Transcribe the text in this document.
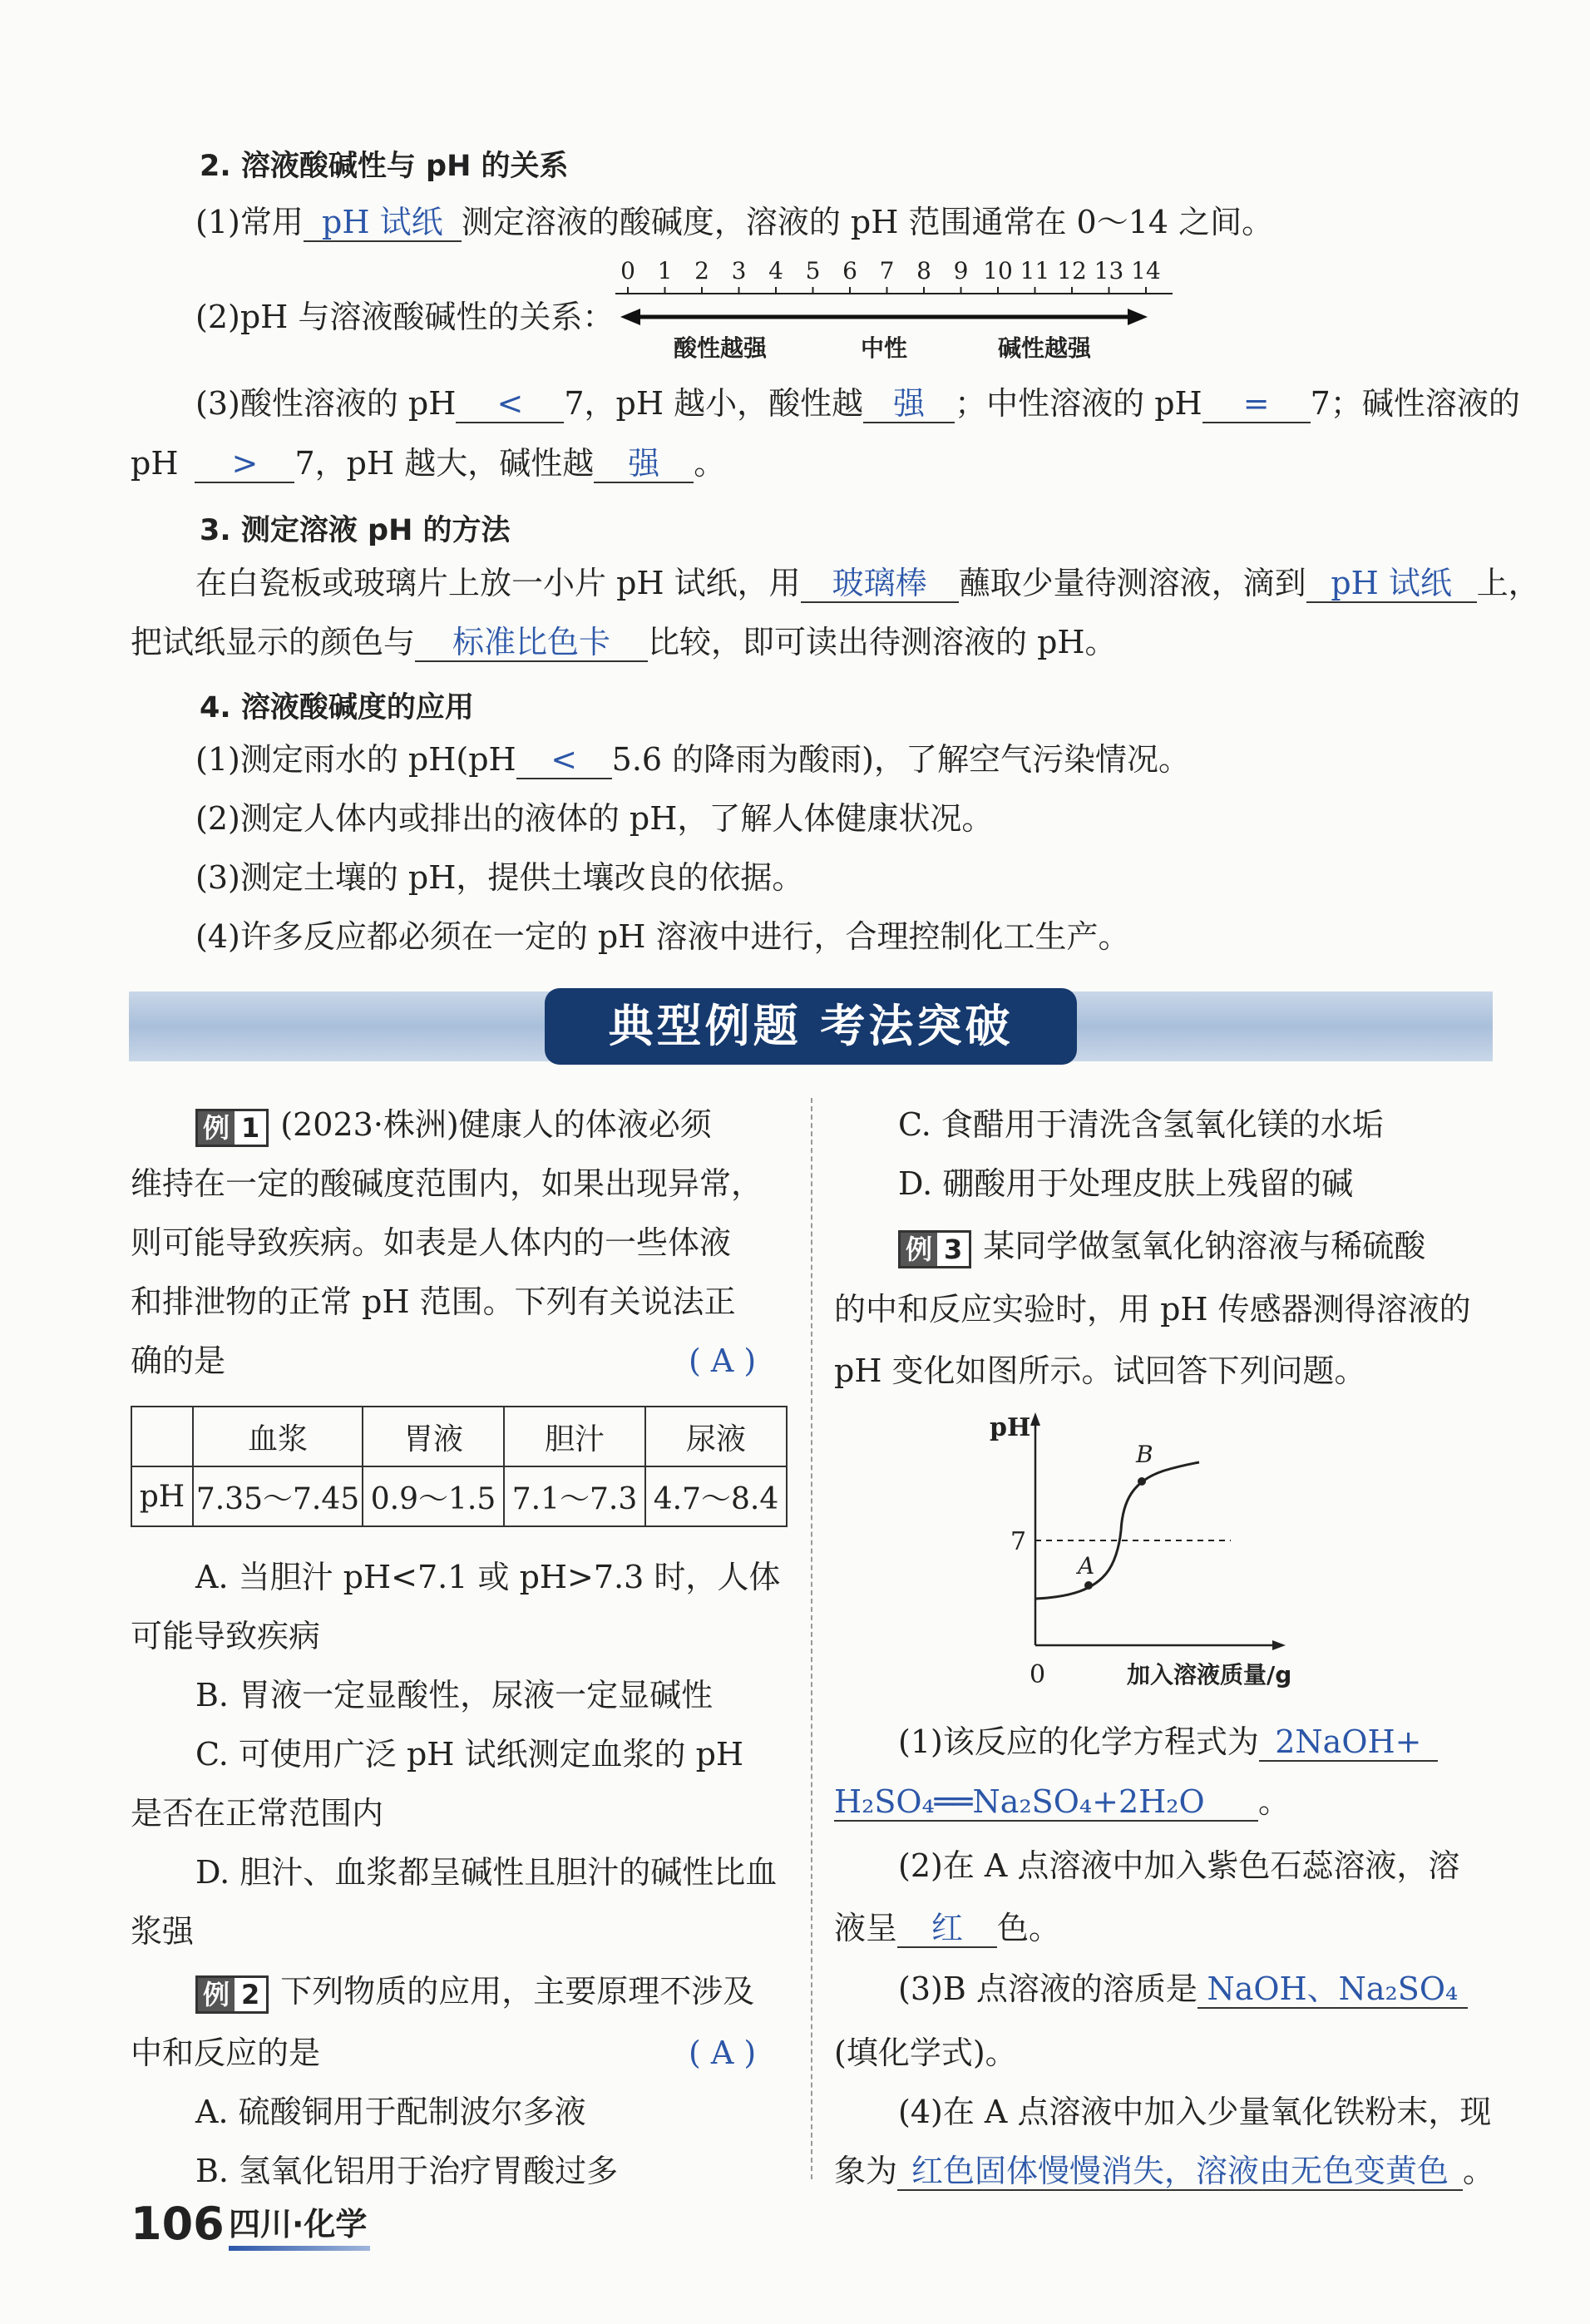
2. 溶液酸碱性与 pH 的关系
(1)常用 pH 试纸 测定溶液的酸碱度，溶液的 pH 范围通常在 0～14 之间。
(2)pH 与溶液酸碱性的关系：
0 1 2 3 4 5 6 7 8 9 10 11 12 13 14
酸性越强	中性	碱性越强
(3)酸性溶液的 pH < 7，pH 越小，酸性越 强 ；中性溶液的 pH = 7；碱性溶液的
pH > 7，pH 越大，碱性越 强 。
3. 测定溶液 pH 的方法
在白瓷板或玻璃片上放一小片 pH 试纸，用 玻璃棒 蘸取少量待测溶液，滴到 pH 试纸 上，
把试纸显示的颜色与 标准比色卡 比较，即可读出待测溶液的 pH。
4. 溶液酸碱度的应用
(1)测定雨水的 pH(pH < 5.6 的降雨为酸雨)，了解空气污染情况。
(2)测定人体内或排出的液体的 pH，了解人体健康状况。
(3)测定土壤的 pH，提供土壤改良的依据。
(4)许多反应都必须在一定的 pH 溶液中进行，合理控制化工生产。
典型例题 考法突破
例 1 (2023·株洲)健康人的体液必须
维持在一定的酸碱度范围内，如果出现异常，
则可能导致疾病。如表是人体内的一些体液
和排泄物的正常 pH 范围。下列有关说法正
确的是	( A )
	血浆	胃液	胆汁	尿液
pH	7.35～7.45	0.9～1.5	7.1～7.3	4.7～8.4
A. 当胆汁 pH<7.1 或 pH>7.3 时，人体
可能导致疾病
B. 胃液一定显酸性，尿液一定显碱性
C. 可使用广泛 pH 试纸测定血浆的 pH
是否在正常范围内
D. 胆汁、血浆都呈碱性且胆汁的碱性比血
浆强
例 2 下列物质的应用，主要原理不涉及
中和反应的是	( A )
A. 硫酸铜用于配制波尔多液
B. 氢氧化铝用于治疗胃酸过多
C. 食醋用于清洗含氢氧化镁的水垢
D. 硼酸用于处理皮肤上残留的碱
例 3 某同学做氢氧化钠溶液与稀硫酸
的中和反应实验时，用 pH 传感器测得溶液的
pH 变化如图所示。试回答下列问题。
pH
7
0	加入溶液质量/g
A
B
(1)该反应的化学方程式为 2NaOH+
H₂SO₄══Na₂SO₄+2H₂O 。
(2)在 A 点溶液中加入紫色石蕊溶液，溶
液呈 红 色。
(3)B 点溶液的溶质是 NaOH、Na₂SO₄
(填化学式)。
(4)在 A 点溶液中加入少量氧化铁粉末，现
象为 红色固体慢慢消失，溶液由无色变黄色 。
106 四川·化学
